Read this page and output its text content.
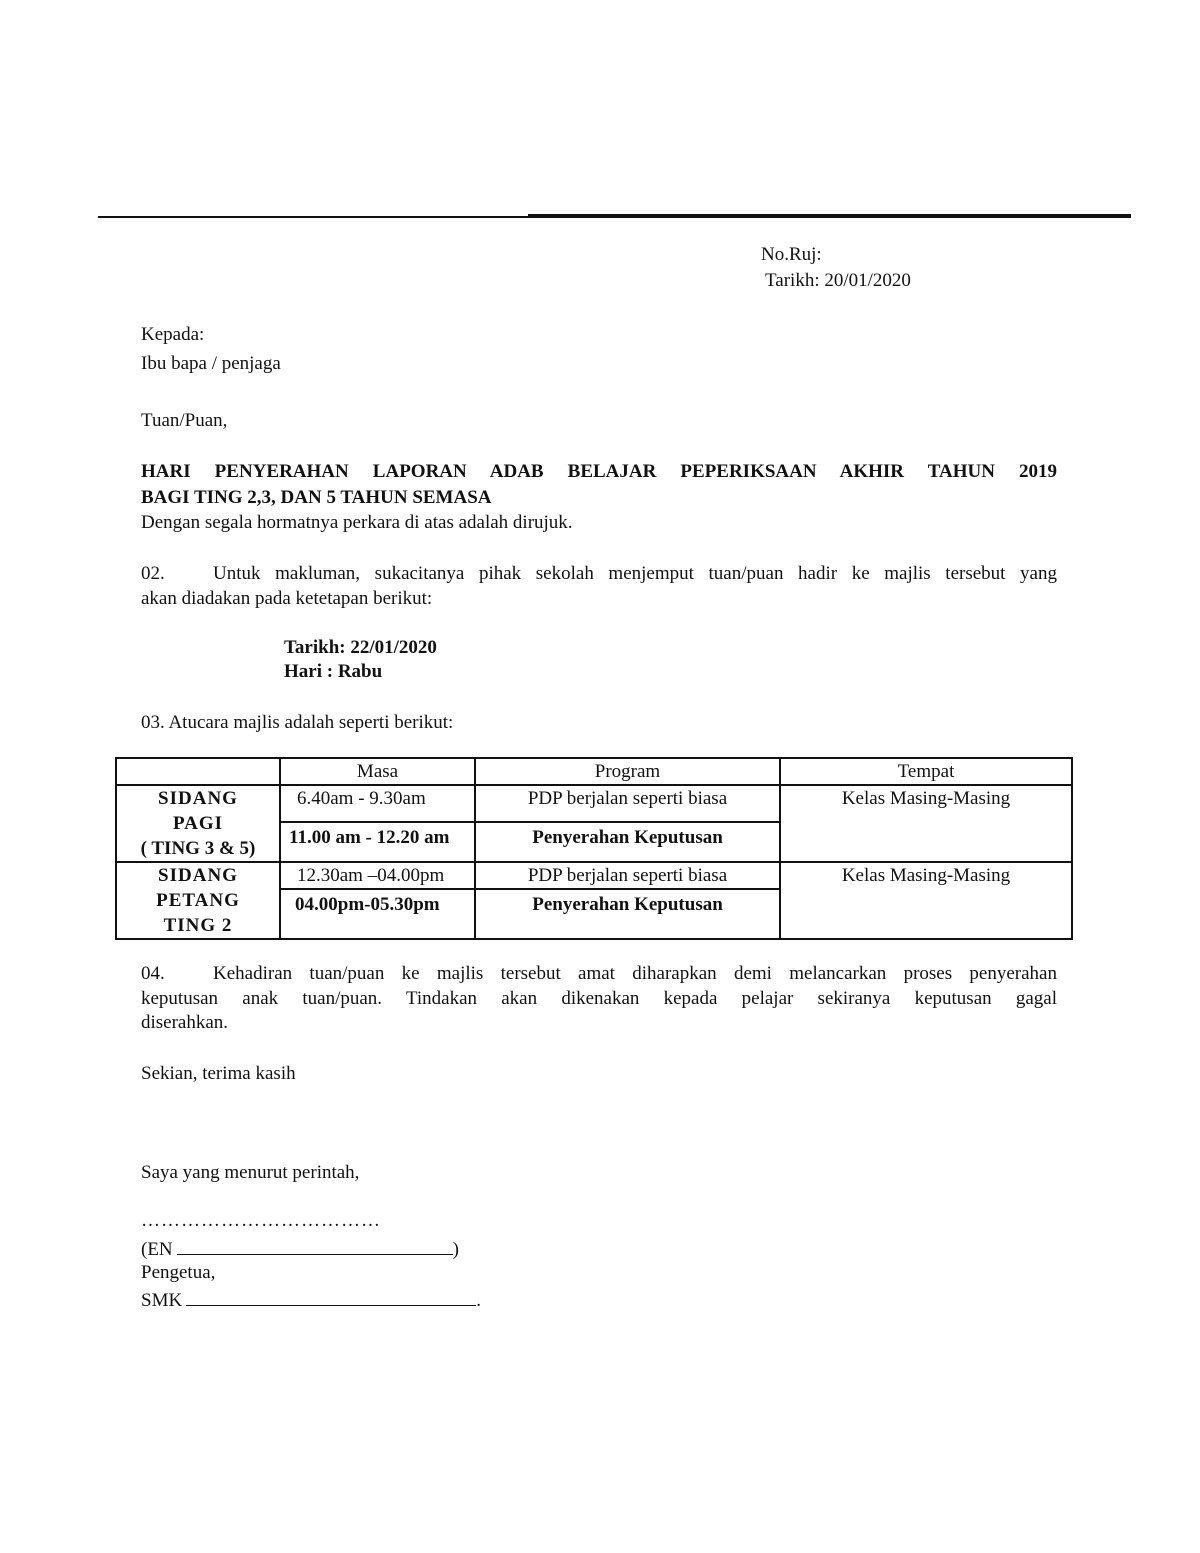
No.Ruj:
Tarikh: 20/01/2020
Kepada:
Ibu bapa / penjaga
Tuan/Puan,
HARI PENYERAHAN LAPORAN ADAB BELAJAR PEPERIKSAAN AKHIR TAHUN 2019
BAGI TING 2,3, DAN 5 TAHUN SEMASA
Dengan segala hormatnya perkara di atas adalah dirujuk.
02.	Untuk makluman, sukacitanya pihak sekolah menjemput tuan/puan hadir ke majlis tersebut yang
akan diadakan pada ketetapan berikut:
Tarikh: 22/01/2020
Hari : Rabu
03. Atucara majlis adalah seperti berikut:
	Masa	Program	Tempat

SIDANG
PAGI
( TING 3 & 5)	6.40am - 9.30am	PDP berjalan seperti biasa	Kelas Masing-Masing
	11.00 am - 12.20 am	Penyerahan Keputusan	

SIDANG
PETANG
TING 2	12.30am –04.00pm	PDP berjalan seperti biasa	Kelas Masing-Masing
	04.00pm-05.30pm	Penyerahan Keputusan	
04.	Kehadiran tuan/puan ke majlis tersebut amat diharapkan demi melancarkan proses penyerahan
keputusan anak tuan/puan. Tindakan akan dikenakan kepada pelajar sekiranya keputusan gagal
diserahkan.
Sekian, terima kasih
Saya yang menurut perintah,
………………………………
(EN	)
Pengetua,
SMK	.
